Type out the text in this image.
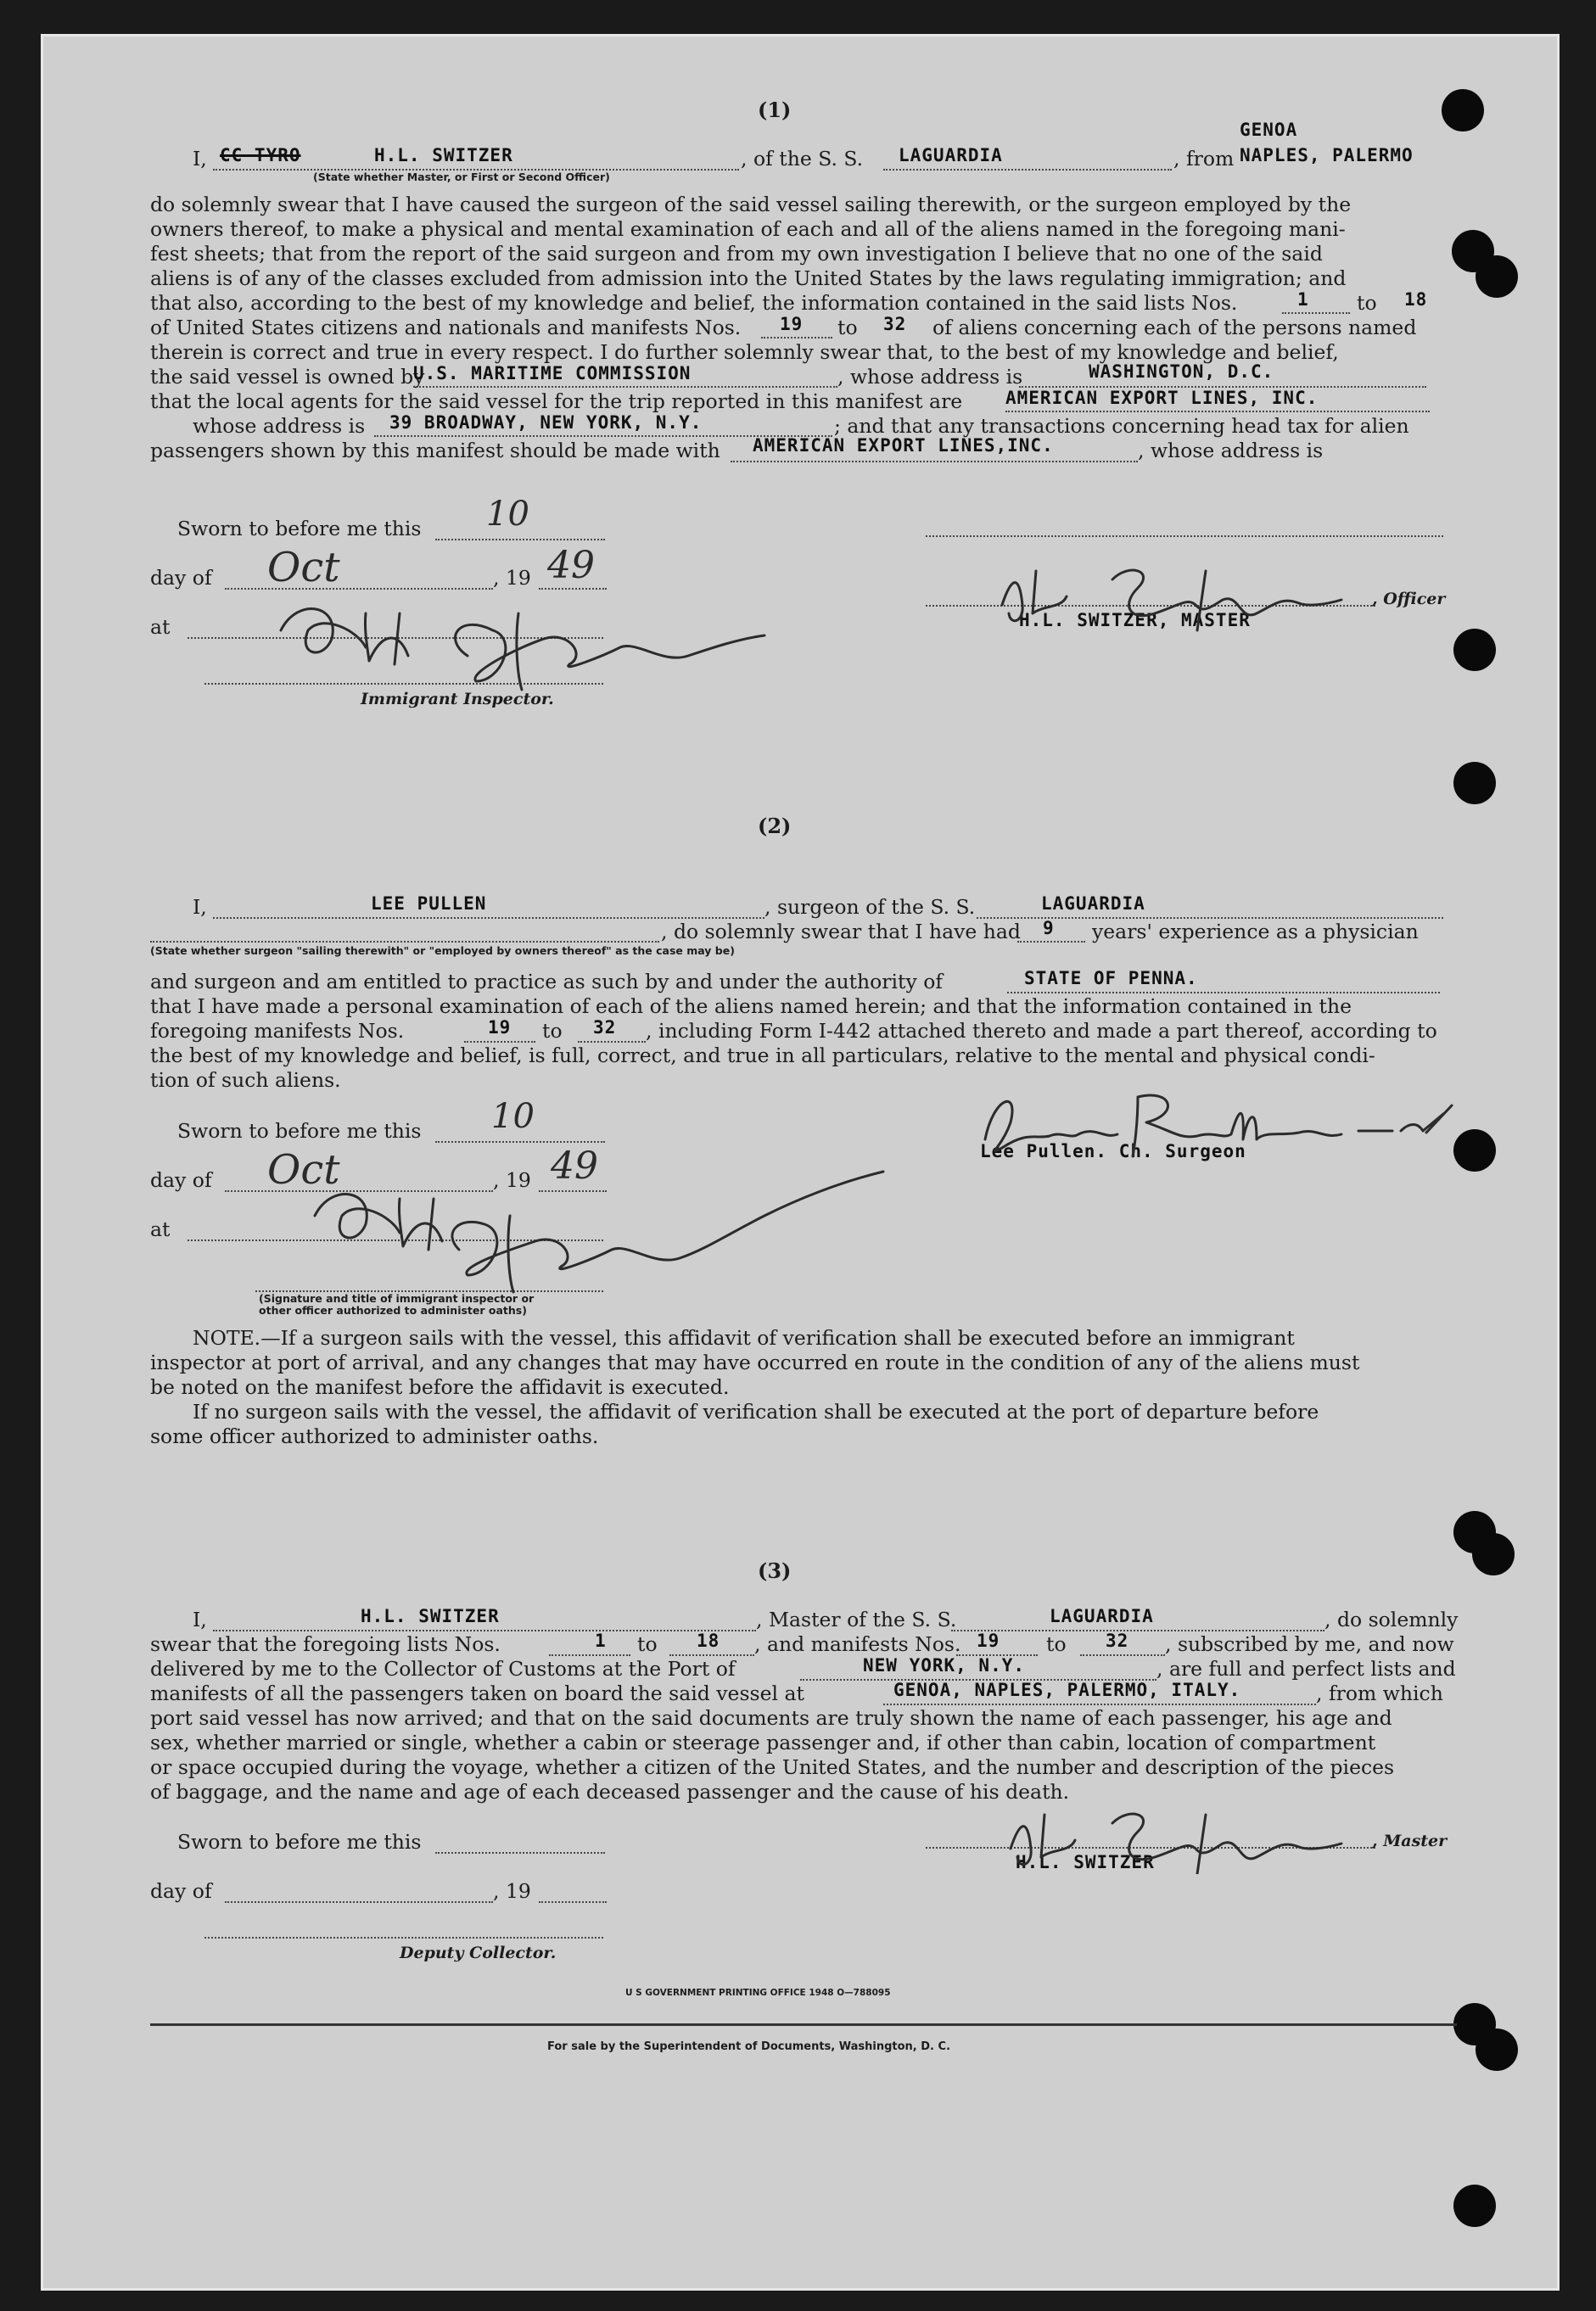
(1)
I, CC TYRO	H.L. SWITZER
(State whether Master, or First or Second Officer)
, of the S. S. LAGUARDIA	, from
GENOA
NAPLES, PALERMO
do solemnly swear that I have caused the surgeon of the said vessel sailing therewith, or the surgeon employed by the
owners thereof, to make a physical and mental examination of each and all of the aliens named in the foregoing mani-
fest sheets; that from the report of the said surgeon and from my own investigation I believe that no one of the said
aliens is of any of the classes excluded from admission into the United States by the laws regulating immigration; and
that also, according to the best of my knowledge and belief, the information contained in the said lists Nos.	1 to 18
of United States citizens and nationals and manifests Nos. 19 to 32 of aliens concerning each of the persons named
therein is correct and true in every respect. I do further solemnly swear that, to the best of my knowledge and belief,
the said vessel is owned by
U.S. MARITIME COMMISSION	, whose address is	WASHINGTON, D.C.
that the local agents for the said vessel for the trip reported in this manifest are AMERICAN EXPORT LINES, INC.
whose address is 39 BROADWAY, NEW YORK, N.Y.	; and that any transactions concerning head tax for alien
passengers shown by this manifest should be made with AMERICAN EXPORT LINES,INC.	, whose address is
Sworn to before me this 10
day of Oct	, 19 49
at
Immigrant Inspector.
, Officer
H.L. SWITZER, MASTER
(2)
I,	LEE PULLEN	, surgeon of the S. S.	LAGUARDIA
, do solemnly swear that I have had 9 years' experience as a physician
(State whether surgeon "sailing therewith" or "employed by owners thereof" as the case may be)
and surgeon and am entitled to practice as such by and under the authority of	STATE OF PENNA.
that I have made a personal examination of each of the aliens named herein; and that the information contained in the
foregoing manifests Nos.	19 to 32 , including Form I-442 attached thereto and made a part thereof, according to
the best of my knowledge and belief, is full, correct, and true in all particulars, relative to the mental and physical condi-
tion of such aliens.
Sworn to before me this 10
day of Oct	, 19 49
at
(Signature and title of immigrant inspector or
other officer authorized to administer oaths)
Lee Pullen. Ch. Surgeon
NOTE.—If a surgeon sails with the vessel, this affidavit of verification shall be executed before an immigrant
inspector at port of arrival, and any changes that may have occurred en route in the condition of any of the aliens must
be noted on the manifest before the affidavit is executed.
If no surgeon sails with the vessel, the affidavit of verification shall be executed at the port of departure before
some officer authorized to administer oaths.
(3)
I,	H.L. SWITZER	, Master of the S. S.	LAGUARDIA	, do solemnly
swear that the foregoing lists Nos.	1 to 18 , and manifests Nos. 19 to 32 , subscribed by me, and now
delivered by me to the Collector of Customs at the Port of	NEW YORK, N.Y.	, are full and perfect lists and
manifests of all the passengers taken on board the said vessel at	GENOA, NAPLES, PALERMO, ITALY.	, from which
port said vessel has now arrived; and that on the said documents are truly shown the name of each passenger, his age and
sex, whether married or single, whether a cabin or steerage passenger and, if other than cabin, location of compartment
or space occupied during the voyage, whether a citizen of the United States, and the number and description of the pieces
of baggage, and the name and age of each deceased passenger and the cause of his death.
Sworn to before me this
day of	, 19
Deputy Collector.
, Master
H.L. SWITZER
U S GOVERNMENT PRINTING OFFICE 1948 O—788095
For sale by the Superintendent of Documents, Washington, D. C.
